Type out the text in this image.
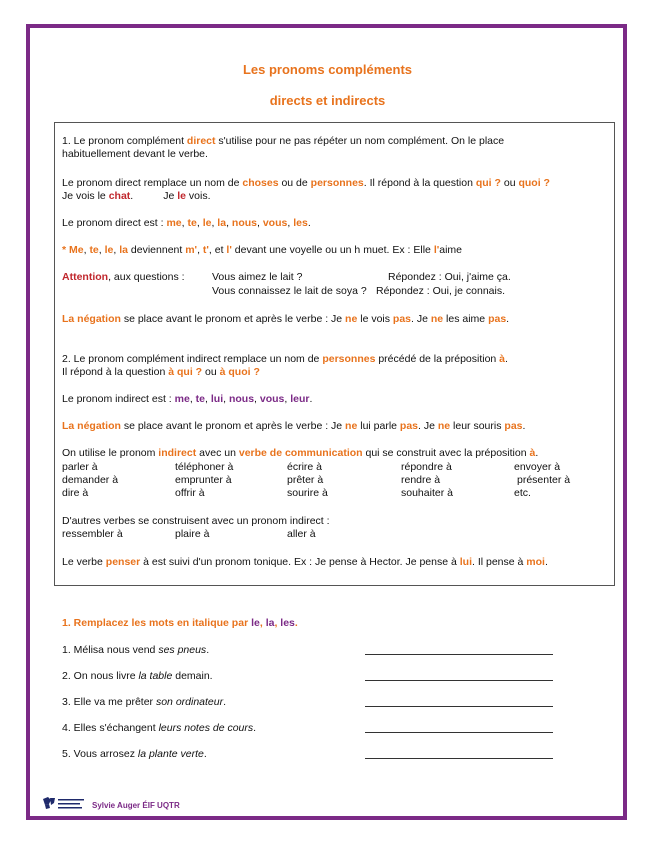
Les pronoms compléments
directs et indirects
1. Le pronom complément direct s'utilise pour ne pas répéter un nom complément. On le place
habituellement devant le verbe.
Le pronom direct remplace un nom de choses ou de personnes. Il répond à la question qui ? ou quoi ?
Je vois le chat.	Je le vois.
Le pronom direct est : me, te, le, la, nous, vous, les.
* Me, te, le, la deviennent m', t', et l' devant une voyelle ou un h muet. Ex : Elle l'aime
Attention, aux questions :	Vous aimez le lait ?	Répondez : Oui, j'aime ça.
Vous connaissez le lait de soya ? Répondez : Oui, je connais.
La négation se place avant le pronom et après le verbe : Je ne le vois pas. Je ne les aime pas.
2. Le pronom complément indirect remplace un nom de personnes précédé de la préposition à.
Il répond à la question à qui ? ou à quoi ?
Le pronom indirect est : me, te, lui, nous, vous, leur.
La négation se place avant le pronom et après le verbe : Je ne lui parle pas. Je ne leur souris pas.
On utilise le pronom indirect avec un verbe de communication qui se construit avec la préposition à.
parler à	téléphoner à	écrire à	répondre à	envoyer à
demander à	emprunter à	prêter à	rendre à	présenter à
dire à	offrir à	sourire à	souhaiter à	etc.
D'autres verbes se construisent avec un pronom indirect :
ressembler à	plaire à	aller à
Le verbe penser à est suivi d'un pronom tonique. Ex : Je pense à Hector. Je pense à lui. Il pense à moi.
1. Remplacez les mots en italique par le, la, les.
1. Mélisa nous vend ses pneus.
2. On nous livre la table demain.
3. Elle va me prêter son ordinateur.
4. Elles s'échangent leurs notes de cours.
5. Vous arrosez la plante verte.
Sylvie Auger ÉIF UQTR
